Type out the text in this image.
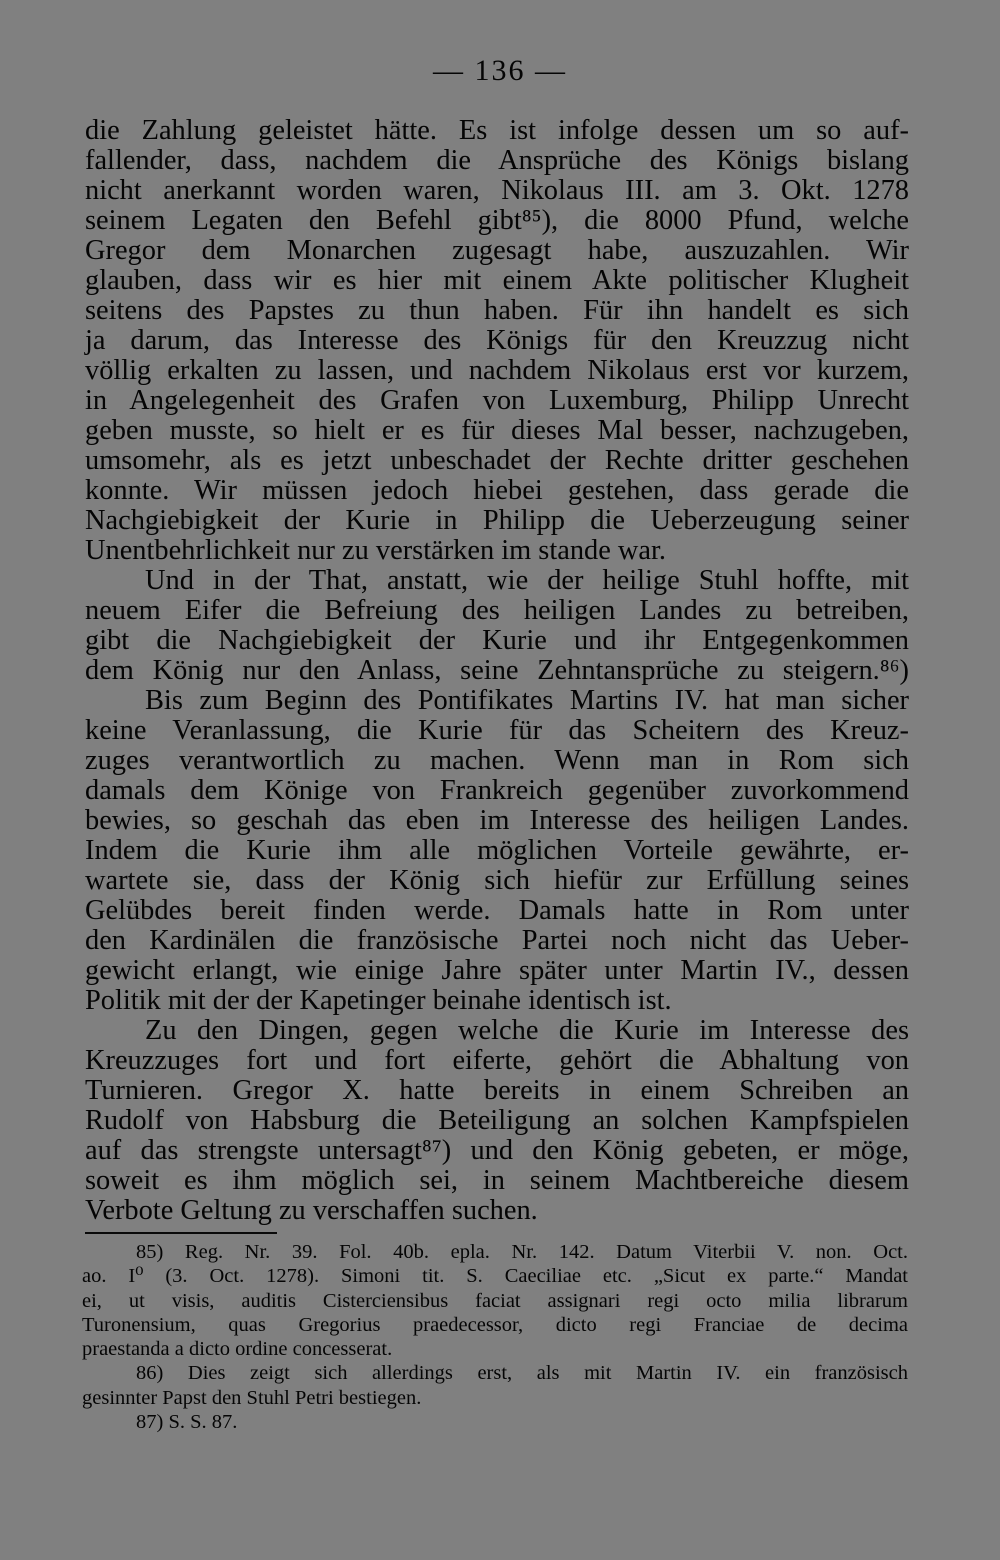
— 136 —
die Zahlung geleistet hätte. Es ist infolge dessen um so auf-
fallender, dass, nachdem die Ansprüche des Königs bislang
nicht anerkannt worden waren, Nikolaus III. am 3. Okt. 1278
seinem Legaten den Befehl gibt⁸⁵), die 8000 Pfund, welche
Gregor dem Monarchen zugesagt habe, auszuzahlen. Wir
glauben, dass wir es hier mit einem Akte politischer Klugheit
seitens des Papstes zu thun haben. Für ihn handelt es sich
ja darum, das Interesse des Königs für den Kreuzzug nicht
völlig erkalten zu lassen, und nachdem Nikolaus erst vor kurzem,
in Angelegenheit des Grafen von Luxemburg, Philipp Unrecht
geben musste, so hielt er es für dieses Mal besser, nachzugeben,
umsomehr, als es jetzt unbeschadet der Rechte dritter geschehen
konnte. Wir müssen jedoch hiebei gestehen, dass gerade die
Nachgiebigkeit der Kurie in Philipp die Ueberzeugung seiner
Unentbehrlichkeit nur zu verstärken im stande war.
Und in der That, anstatt, wie der heilige Stuhl hoffte, mit
neuem Eifer die Befreiung des heiligen Landes zu betreiben,
gibt die Nachgiebigkeit der Kurie und ihr Entgegenkommen
dem König nur den Anlass, seine Zehntansprüche zu steigern.⁸⁶)
Bis zum Beginn des Pontifikates Martins IV. hat man sicher
keine Veranlassung, die Kurie für das Scheitern des Kreuz-
zuges verantwortlich zu machen. Wenn man in Rom sich
damals dem Könige von Frankreich gegenüber zuvorkommend
bewies, so geschah das eben im Interesse des heiligen Landes.
Indem die Kurie ihm alle möglichen Vorteile gewährte, er-
wartete sie, dass der König sich hiefür zur Erfüllung seines
Gelübdes bereit finden werde. Damals hatte in Rom unter
den Kardinälen die französische Partei noch nicht das Ueber-
gewicht erlangt, wie einige Jahre später unter Martin IV., dessen
Politik mit der der Kapetinger beinahe identisch ist.
Zu den Dingen, gegen welche die Kurie im Interesse des
Kreuzzuges fort und fort eiferte, gehört die Abhaltung von
Turnieren. Gregor X. hatte bereits in einem Schreiben an
Rudolf von Habsburg die Beteiligung an solchen Kampfspielen
auf das strengste untersagt⁸⁷) und den König gebeten, er möge,
soweit es ihm möglich sei, in seinem Machtbereiche diesem
Verbote Geltung zu verschaffen suchen.
85) Reg. Nr. 39. Fol. 40b. epla. Nr. 142. Datum Viterbii V. non. Oct.
ao. I⁰ (3. Oct. 1278). Simoni tit. S. Caeciliae etc. „Sicut ex parte.“ Mandat
ei, ut visis, auditis Cisterciensibus faciat assignari regi octo milia librarum
Turonensium, quas Gregorius praedecessor, dicto regi Franciae de decima
praestanda a dicto ordine concesserat.
86) Dies zeigt sich allerdings erst, als mit Martin IV. ein französisch
gesinnter Papst den Stuhl Petri bestiegen.
87) S. S. 87.
